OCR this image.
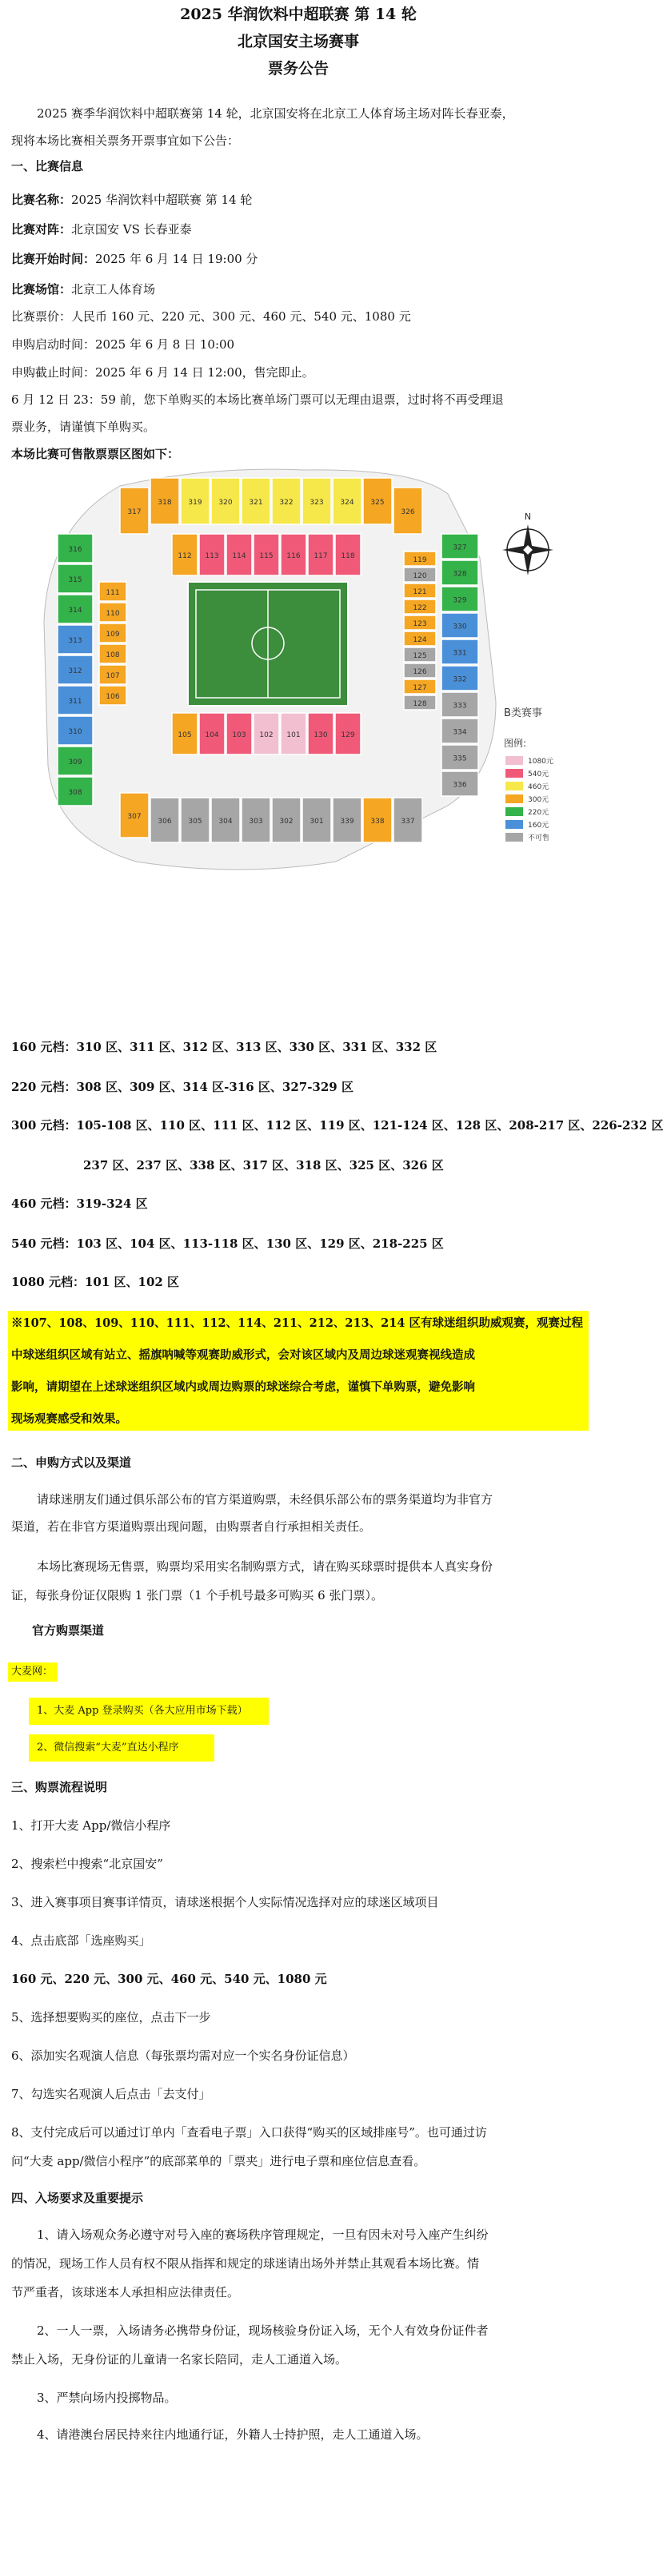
2025 华润饮料中超联赛 第 14 轮
北京国安主场赛事
票务公告
2025 赛季华润饮料中超联赛第 14 轮，北京国安将在北京工人体育场主场对阵长春亚泰，
现将本场比赛相关票务开票事宜如下公告：
一、比赛信息
比赛名称：2025 华润饮料中超联赛 第 14 轮
比赛对阵：北京国安 VS 长春亚泰
比赛开始时间：2025 年 6 月 14 日 19:00 分
比赛场馆：北京工人体育场
比赛票价：人民币 160 元、220 元、300 元、460 元、540 元、1080 元
申购启动时间：2025 年 6 月 8 日 10:00
申购截止时间：2025 年 6 月 14 日 12:00，售完即止。
6 月 12 日 23：59 前，您下单购买的本场比赛单场门票可以无理由退票，过时将不再受理退
票业务，请谨慎下单购买。
本场比赛可售散票票区图如下：
317
318 319 320 321 322 323 324 325
326
112 113 114 115 116 117 118
307
306 305 304 303 302 301 339 338 337
105 104 103 102 101 130 129
316
315
314
313
312
311
310
309
308
327
328
329
330
331
332
333
334
335
336
111
110
109
108
107
106
119
120
121
122
123
124
125
126
127
128
N
B类赛事
图例:
1080元
540元
460元
300元
220元
160元
不可售
160 元档：310 区、311 区、312 区、313 区、330 区、331 区、332 区
220 元档：308 区、309 区、314 区-316 区、327-329 区
300 元档：105-108 区、110 区、111 区、112 区、119 区、121-124 区、128 区、208-217 区、226-232 区
237 区、237 区、338 区、317 区、318 区、325 区、326 区
460 元档：319-324 区
540 元档：103 区、104 区、113-118 区、130 区、129 区、218-225 区
1080 元档：101 区、102 区
※107、108、109、110、111、112、114、211、212、213、214 区有球迷组织助威观赛，观赛过程
中球迷组织区域有站立、摇旗呐喊等观赛助威形式，会对该区域内及周边球迷观赛视线造成
影响，请期望在上述球迷组织区域内或周边购票的球迷综合考虑，谨慎下单购票，避免影响
现场观赛感受和效果。
二、申购方式以及渠道
请球迷朋友们通过俱乐部公布的官方渠道购票，未经俱乐部公布的票务渠道均为非官方
渠道，若在非官方渠道购票出现问题，由购票者自行承担相关责任。
本场比赛现场无售票，购票均采用实名制购票方式，请在购买球票时提供本人真实身份
证，每张身份证仅限购 1 张门票（1 个手机号最多可购买 6 张门票）。
官方购票渠道
大麦网：
1、大麦 App 登录购买（各大应用市场下载）
2、微信搜索“大麦”直达小程序
三、购票流程说明
1、打开大麦 App/微信小程序
2、搜索栏中搜索“北京国安”
3、进入赛事项目赛事详情页，请球迷根据个人实际情况选择对应的球迷区域项目
4、点击底部「选座购买」
160 元、220 元、300 元、460 元、540 元、1080 元
5、选择想要购买的座位，点击下一步
6、添加实名观演人信息（每张票均需对应一个实名身份证信息）
7、勾选实名观演人后点击「去支付」
8、支付完成后可以通过订单内「查看电子票」入口获得“购买的区域排座号”。也可通过访
问“大麦 app/微信小程序”的底部菜单的「票夹」进行电子票和座位信息查看。
四、入场要求及重要提示
1、请入场观众务必遵守对号入座的赛场秩序管理规定，一旦有因未对号入座产生纠纷
的情况，现场工作人员有权不限从指挥和规定的球迷请出场外并禁止其观看本场比赛。情
节严重者，该球迷本人承担相应法律责任。
2、一人一票，入场请务必携带身份证，现场核验身份证入场，无个人有效身份证件者
禁止入场，无身份证的儿童请一名家长陪同，走人工通道入场。
3、严禁向场内投掷物品。
4、请港澳台居民持来往内地通行证，外籍人士持护照，走人工通道入场。
